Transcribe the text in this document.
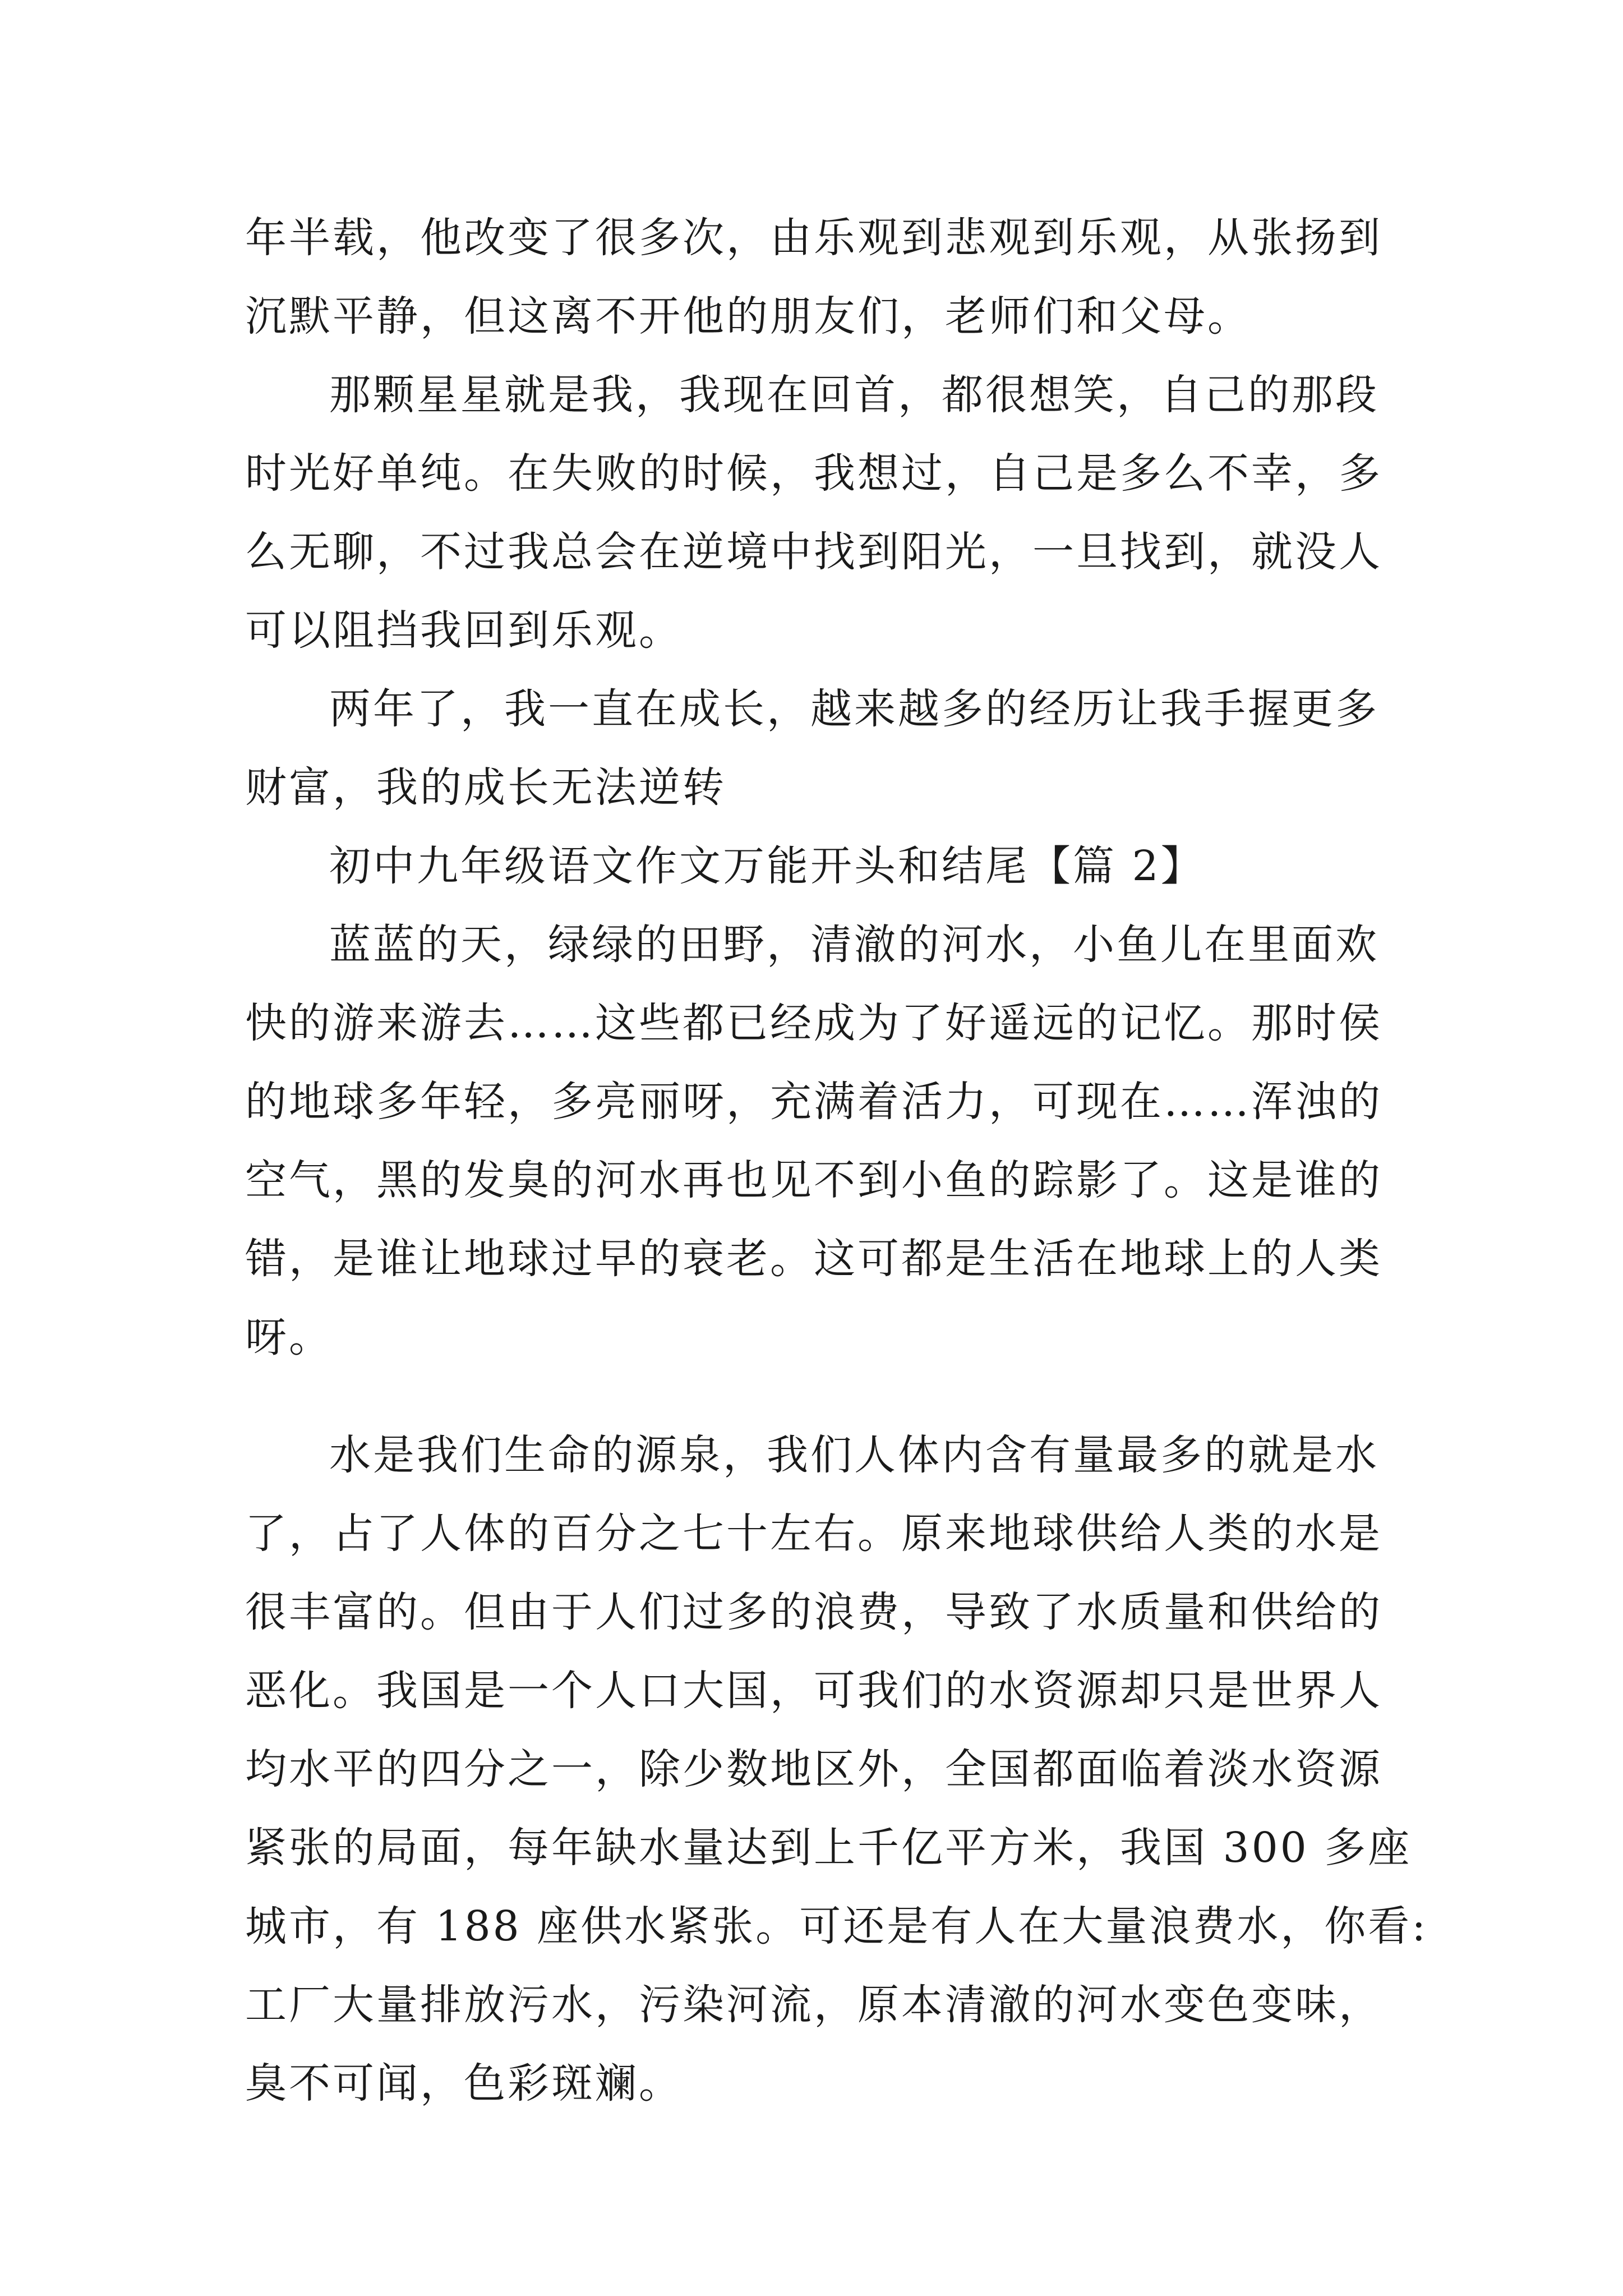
年半载，他改变了很多次，由乐观到悲观到乐观，从张扬到
沉默平静，但这离不开他的朋友们，老师们和父母。
那颗星星就是我，我现在回首，都很想笑，自己的那段
时光好单纯。在失败的时候，我想过，自己是多么不幸，多
么无聊，不过我总会在逆境中找到阳光，一旦找到，就没人
可以阻挡我回到乐观。
两年了，我一直在成长，越来越多的经历让我手握更多
财富，我的成长无法逆转
初中九年级语文作文万能开头和结尾【篇 2】
蓝蓝的天，绿绿的田野，清澈的河水，小鱼儿在里面欢
快的游来游去……这些都已经成为了好遥远的记忆。那时侯
的地球多年轻，多亮丽呀，充满着活力，可现在……浑浊的
空气，黑的发臭的河水再也见不到小鱼的踪影了。这是谁的
错，是谁让地球过早的衰老。这可都是生活在地球上的人类
呀。
水是我们生命的源泉，我们人体内含有量最多的就是水
了，占了人体的百分之七十左右。原来地球供给人类的水是
很丰富的。但由于人们过多的浪费，导致了水质量和供给的
恶化。我国是一个人口大国，可我们的水资源却只是世界人
均水平的四分之一，除少数地区外，全国都面临着淡水资源
紧张的局面，每年缺水量达到上千亿平方米，我国 300 多座
城市，有 188 座供水紧张。可还是有人在大量浪费水，你看:
工厂大量排放污水，污染河流，原本清澈的河水变色变味，
臭不可闻，色彩斑斓。
